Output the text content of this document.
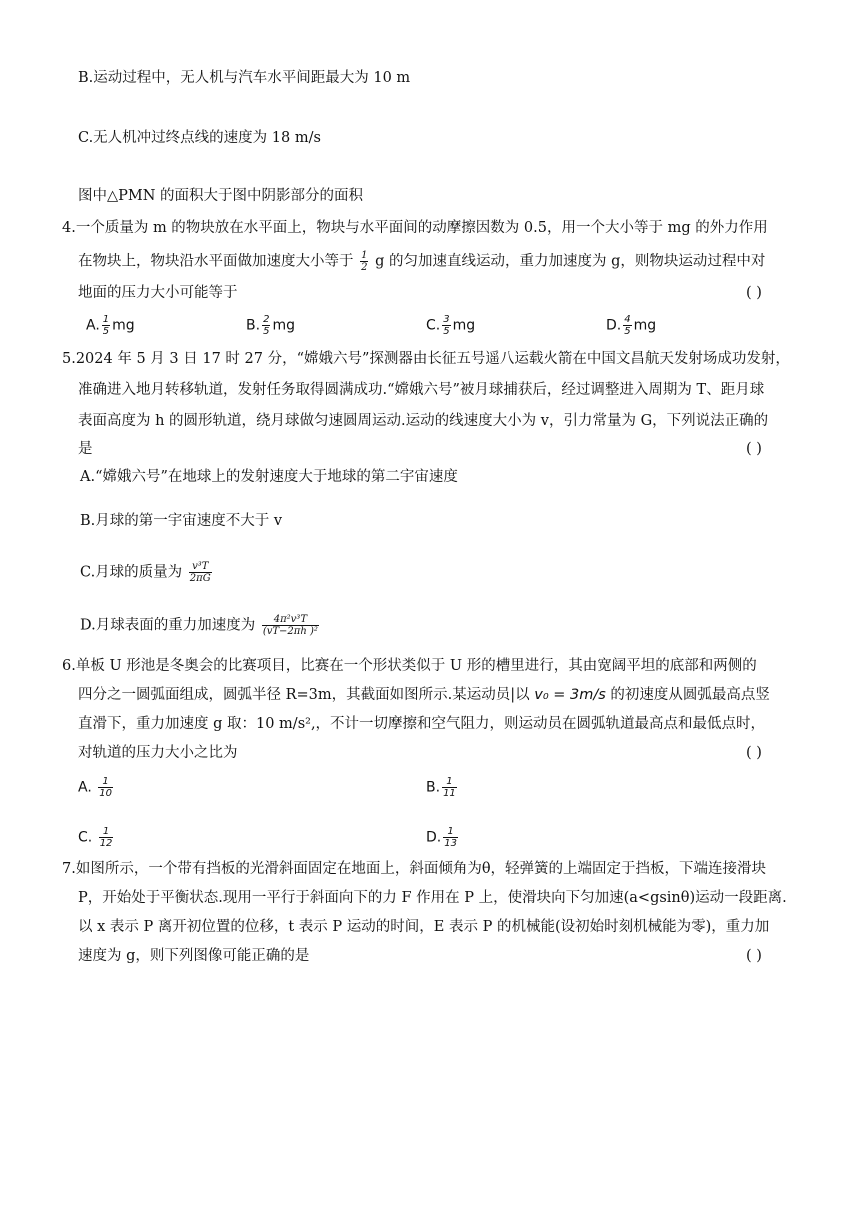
B.运动过程中，无人机与汽车水平间距最大为 10 m
C.无人机冲过终点线的速度为 18 m/s
图中△PMN 的面积大于图中阴影部分的面积
4.一个质量为 m 的物块放在水平面上，物块与水平面间的动摩擦因数为 0.5，用一个大小等于 mg 的外力作用
在物块上，物块沿水平面做加速度大小等于 $\frac{1}{2}$ g 的匀加速直线运动，重力加速度为 g，则物块运动过程中对
地面的压力大小可能等于	( )
A. $\frac{1}{5}$ mg	B. $\frac{2}{5}$ mg	C. $\frac{3}{5}$ mg	D. $\frac{4}{5}$ mg
5.2024 年 5 月 3 日 17 时 27 分，“嫦娥六号”探测器由长征五号遥八运载火箭在中国文昌航天发射场成功发射，
准确进入地月转移轨道，发射任务取得圆满成功.“嫦娥六号”被月球捕获后，经过调整进入周期为 T、距月球
表面高度为 h 的圆形轨道，绕月球做匀速圆周运动.运动的线速度大小为 v，引力常量为 G，下列说法正确的
是	( )
A.“嫦娥六号”在地球上的发射速度大于地球的第二宇宙速度
B.月球的第一宇宙速度不大于 v
C.月球的质量为 $\frac{\text{v³T}}{2\pi G}$
D.月球表面的重力加速度为 $\frac{\text{4π²v³T}}{\text{(vT−2πh )²}}$
6.单板 U 形池是冬奥会的比赛项目，比赛在一个形状类似于 U 形的槽里进行，其由宽阔平坦的底部和两侧的
四分之一圆弧面组成，圆弧半径 R=3m，其截面如图所示.某运动员|以 v₀ = 3m/s 的初速度从圆弧最高点竖
直滑下，重力加速度 g 取：10 m/s²,，不计一切摩擦和空气阻力，则运动员在圆弧轨道最高点和最低点时，
对轨道的压力大小之比为	( )
A. $\frac{1}{10}$	B. $\frac{1}{11}$
C. $\frac{1}{12}$	D. $\frac{1}{13}$
7.如图所示，一个带有挡板的光滑斜面固定在地面上，斜面倾角为θ，轻弹簧的上端固定于挡板，下端连接滑块
P，开始处于平衡状态.现用一平行于斜面向下的力 F 作用在 P 上，使滑块向下匀加速(a<gsinθ)运动一段距离.
以 x 表示 P 离开初位置的位移，t 表示 P 运动的时间，E 表示 P 的机械能(设初始时刻机械能为零)，重力加
速度为 g，则下列图像可能正确的是	( )
